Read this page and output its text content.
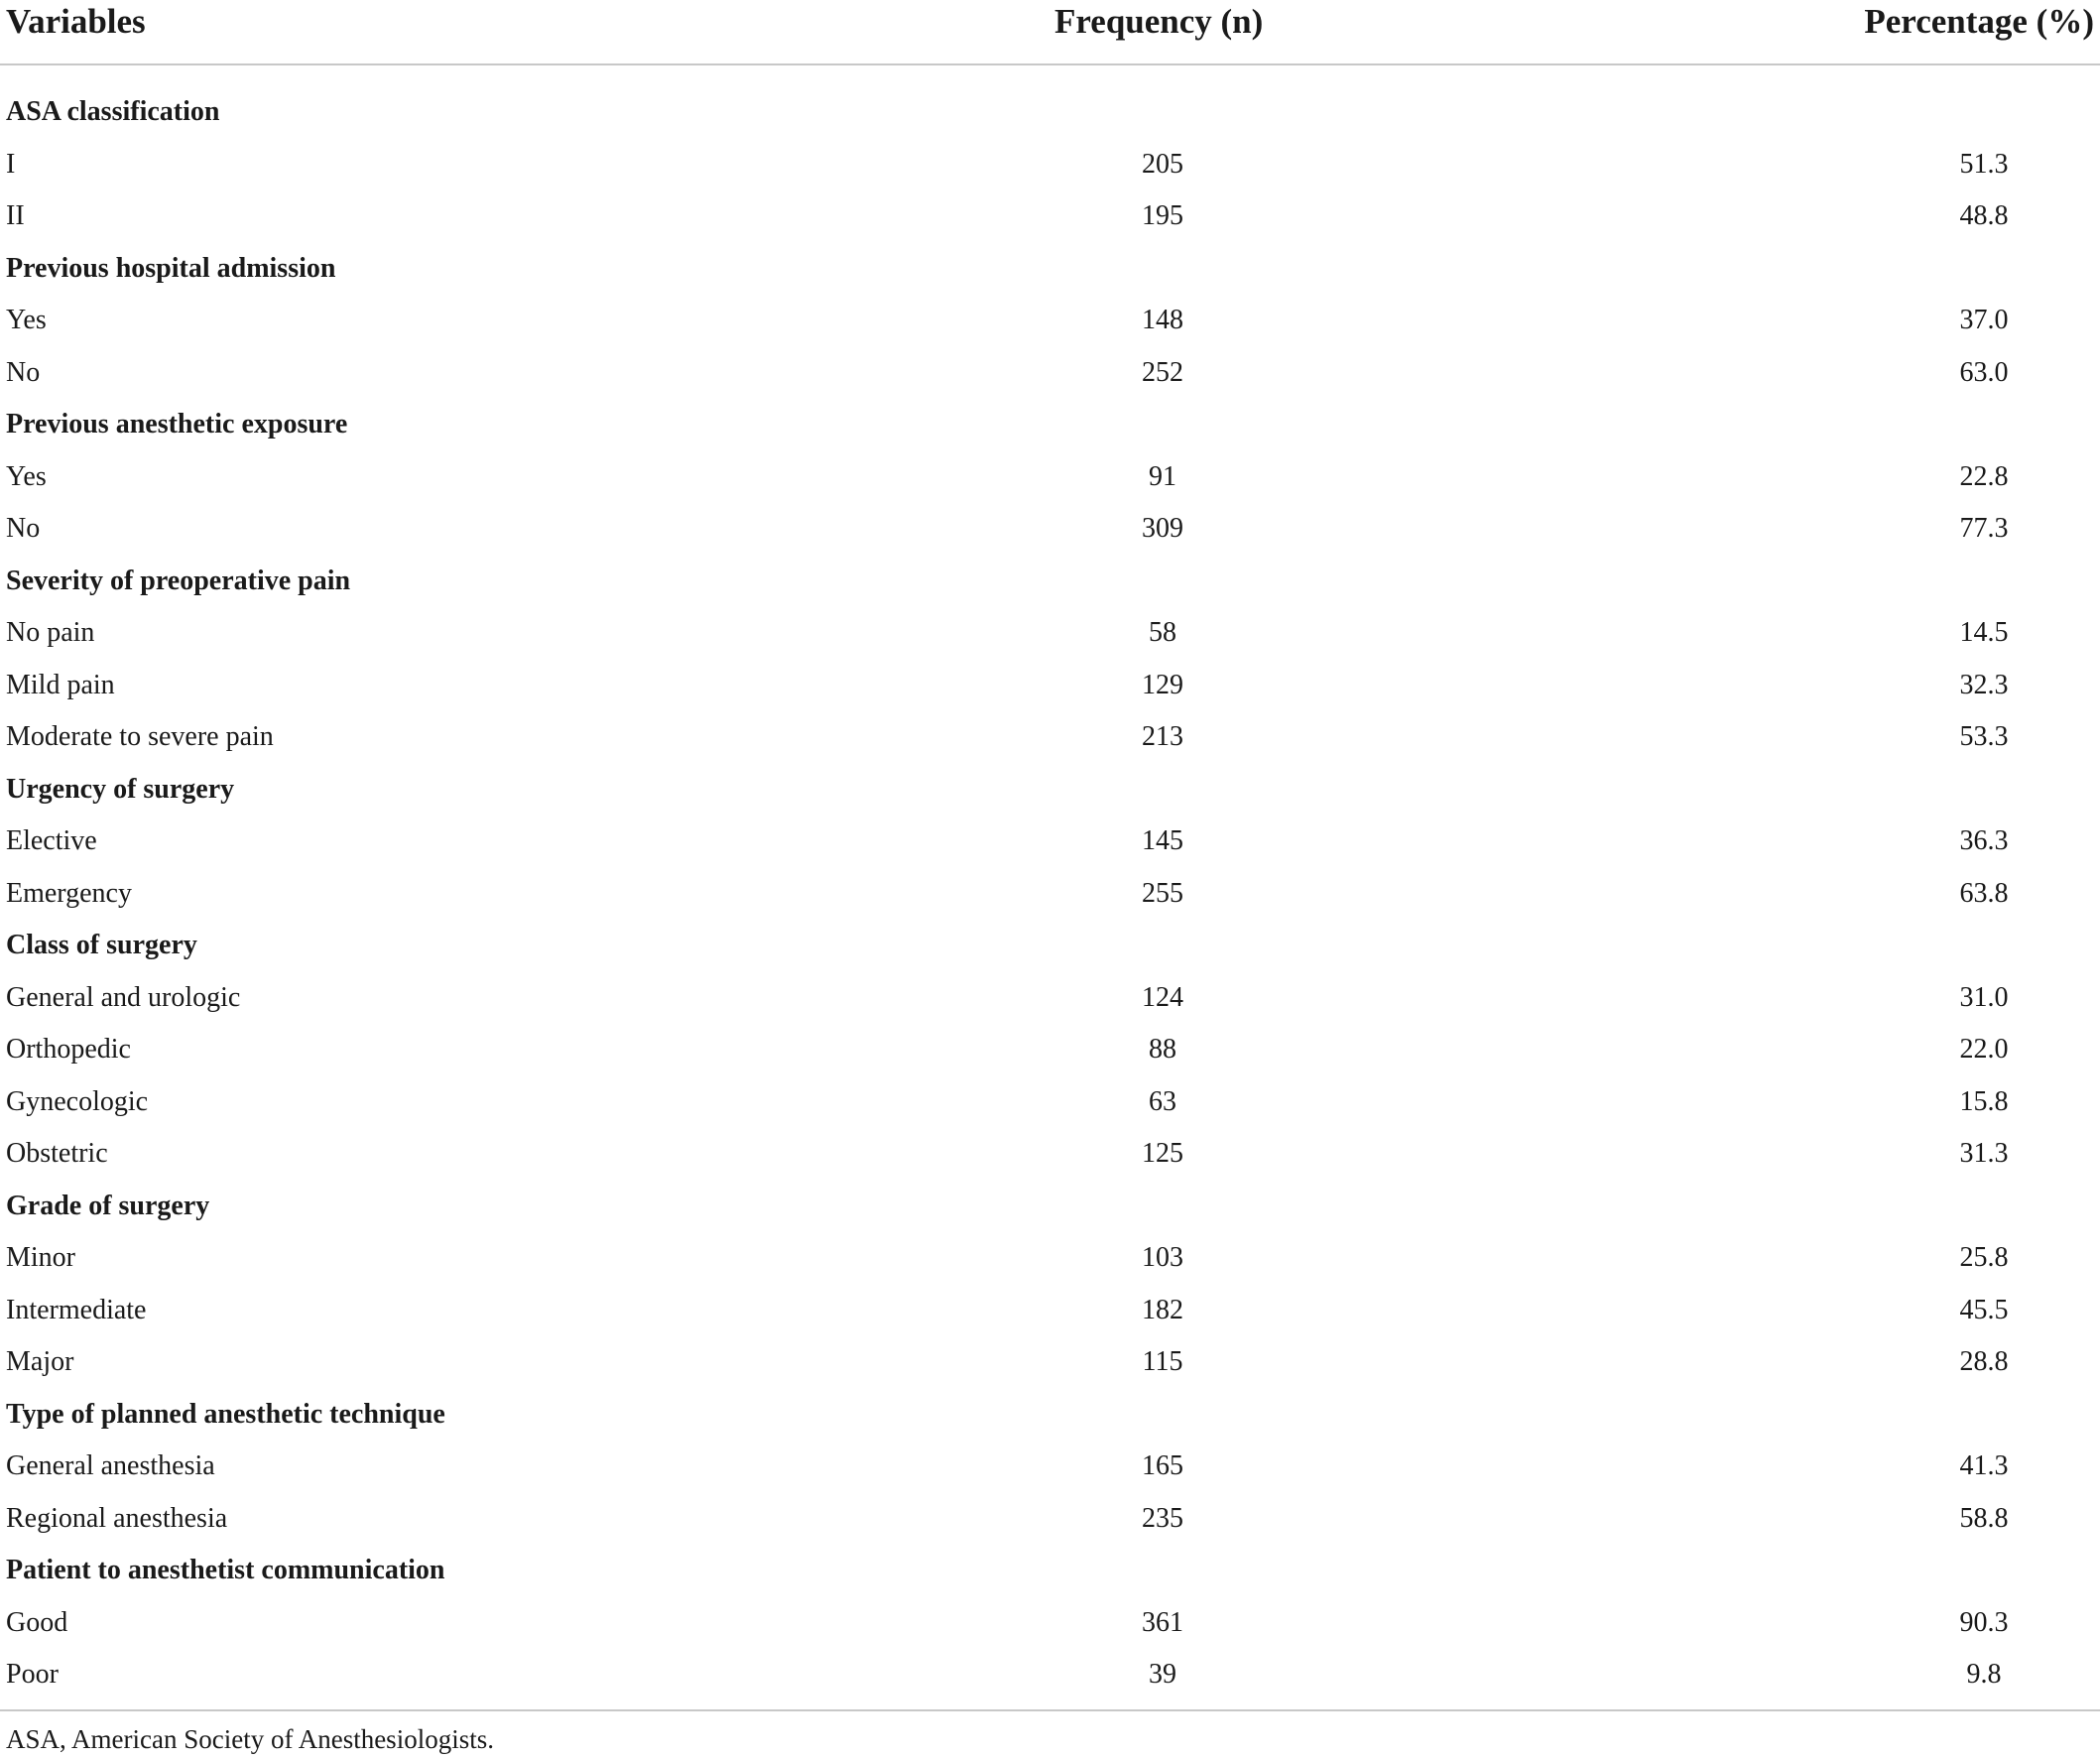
Variables	Frequency (n)	Percentage (%)
ASA classification
I	205	51.3
II	195	48.8
Previous hospital admission
Yes	148	37.0
No	252	63.0
Previous anesthetic exposure
Yes	91	22.8
No	309	77.3
Severity of preoperative pain
No pain	58	14.5
Mild pain	129	32.3
Moderate to severe pain	213	53.3
Urgency of surgery
Elective	145	36.3
Emergency	255	63.8
Class of surgery
General and urologic	124	31.0
Orthopedic	88	22.0
Gynecologic	63	15.8
Obstetric	125	31.3
Grade of surgery
Minor	103	25.8
Intermediate	182	45.5
Major	115	28.8
Type of planned anesthetic technique
General anesthesia	165	41.3
Regional anesthesia	235	58.8
Patient to anesthetist communication
Good	361	90.3
Poor	39	9.8
ASA, American Society of Anesthesiologists.
